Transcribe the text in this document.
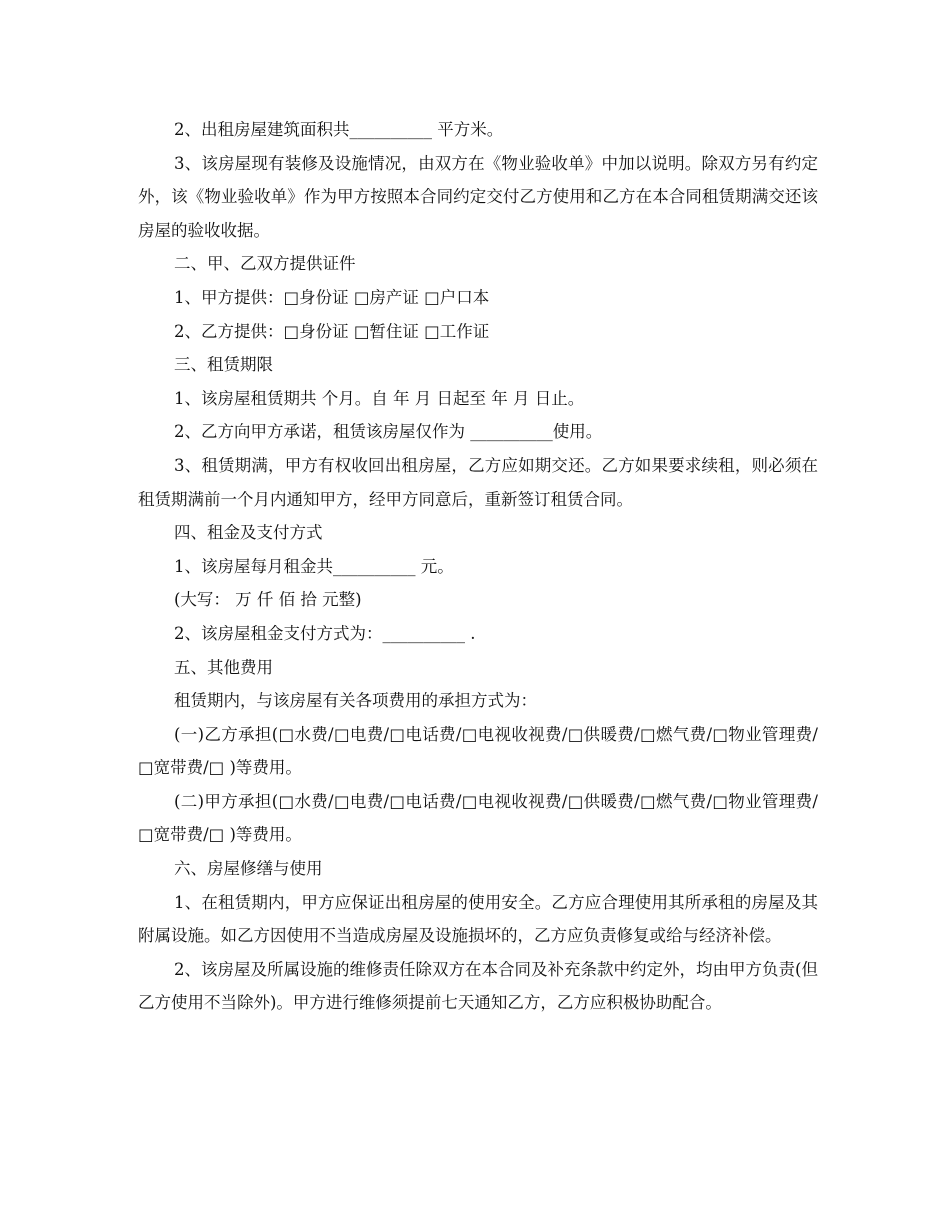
2、出租房屋建筑面积共__________ 平方米。

3、该房屋现有装修及设施情况，由双方在《物业验收单》中加以说明。除双方另有约定外，该《物业验收单》作为甲方按照本合同约定交付乙方使用和乙方在本合同租赁期满交还该房屋的验收收据。

二、甲、乙双方提供证件

1、甲方提供：□身份证 □房产证 □户口本

2、乙方提供：□身份证 □暂住证 □工作证

三、租赁期限

1、该房屋租赁期共 个月。自 年 月 日起至 年 月 日止。

2、乙方向甲方承诺，租赁该房屋仅作为 __________使用。

3、租赁期满，甲方有权收回出租房屋，乙方应如期交还。乙方如果要求续租，则必须在租赁期满前一个月内通知甲方，经甲方同意后，重新签订租赁合同。

四、租金及支付方式

1、该房屋每月租金共__________ 元。

(大写： 万 仟 佰 拾 元整)

2、该房屋租金支付方式为：__________ .

五、其他费用

租赁期内，与该房屋有关各项费用的承担方式为：

(一)乙方承担(□水费/□电费/□电话费/□电视收视费/□供暖费/□燃气费/□物业管理费/□宽带费/□ )等费用。

(二)甲方承担(□水费/□电费/□电话费/□电视收视费/□供暖费/□燃气费/□物业管理费/□宽带费/□ )等费用。

六、房屋修缮与使用

1、在租赁期内，甲方应保证出租房屋的使用安全。乙方应合理使用其所承租的房屋及其附属设施。如乙方因使用不当造成房屋及设施损坏的，乙方应负责修复或给与经济补偿。

2、该房屋及所属设施的维修责任除双方在本合同及补充条款中约定外，均由甲方负责(但乙方使用不当除外)。甲方进行维修须提前七天通知乙方，乙方应积极协助配合。
